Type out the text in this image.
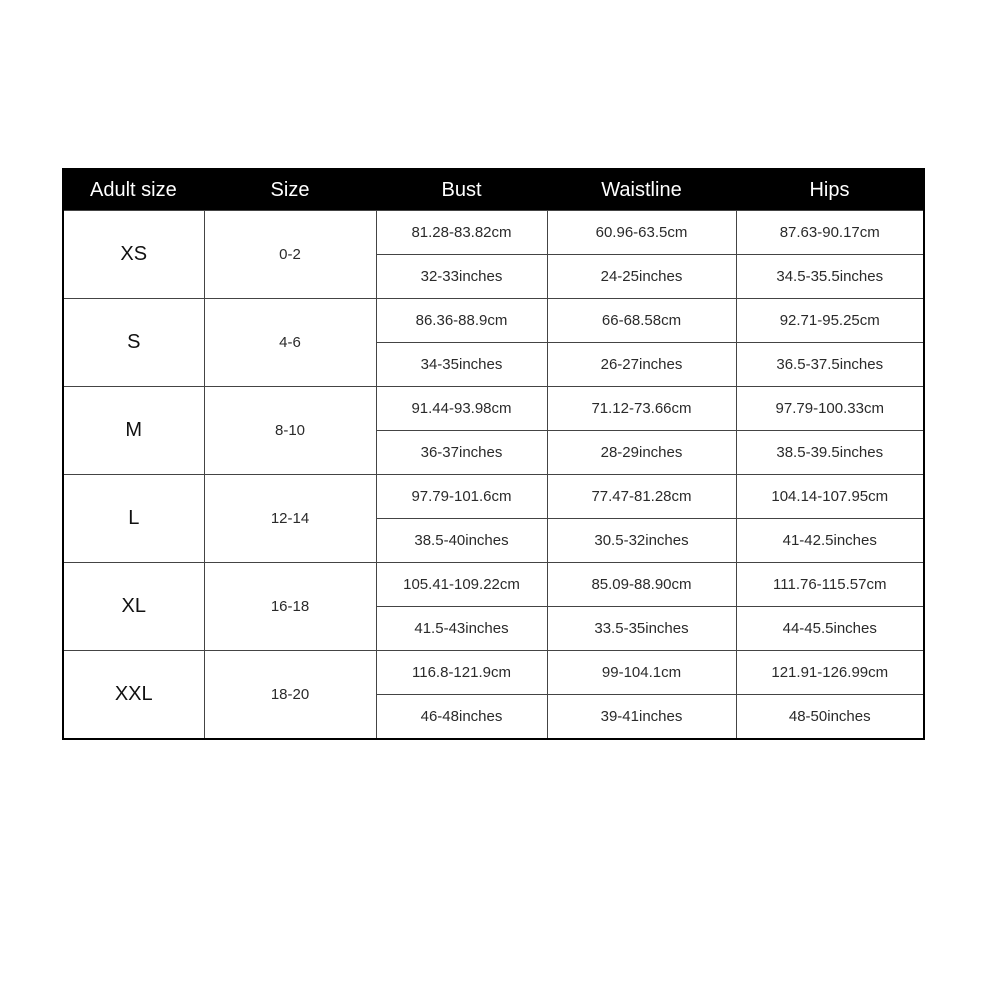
Adult size	Size	Bust	Waistline	Hips
XS	0-2	81.28-83.82cm	60.96-63.5cm	87.63-90.17cm
		32-33inches	24-25inches	34.5-35.5inches
S	4-6	86.36-88.9cm	66-68.58cm	92.71-95.25cm
		34-35inches	26-27inches	36.5-37.5inches
M	8-10	91.44-93.98cm	71.12-73.66cm	97.79-100.33cm
		36-37inches	28-29inches	38.5-39.5inches
L	12-14	97.79-101.6cm	77.47-81.28cm	104.14-107.95cm
		38.5-40inches	30.5-32inches	41-42.5inches
XL	16-18	105.41-109.22cm	85.09-88.90cm	111.76-115.57cm
		41.5-43inches	33.5-35inches	44-45.5inches
XXL	18-20	116.8-121.9cm	99-104.1cm	121.91-126.99cm
		46-48inches	39-41inches	48-50inches
